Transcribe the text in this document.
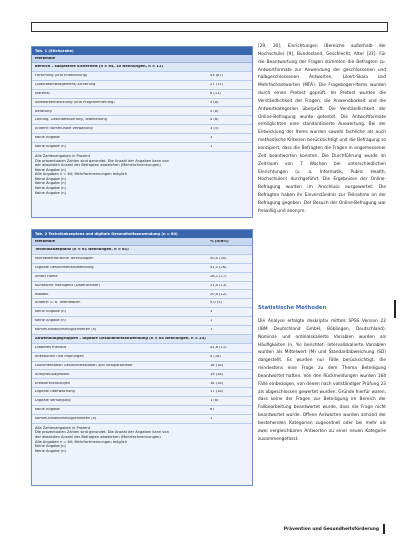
Tab. 1 (Stichprobe)
Merkmale
Bereich – subjektive Sicherheit (n = 64, 10 Nennungen, n = 11)
Forschung (und Entwicklung)	43 (67)
Qualitätsmanagement/-sicherung	27 (11)
Material	8 (13)
Softwareentwicklung (und Programmierung)	5 (8)
Beratung	5 (8)
Leitung, Geschäftsführung, Teamleitung	4 (6)
Andere: kommunale Verwaltung	3 (5)
Keine Angabe	3
Keine Angabe (n)	1
Alle Zahlenangaben in Prozent
Die prozentualen Zahlen sind gerundet. Die Anzahl der Angaben kann von
der absoluten Anzahl der Befragten abweichen (Mehrfachnennungen)
Keine Angabe (n)
Alle Angaben n = 64; Mehrfachnennungen möglich
Keine Angabe (n)
Keine Angabe (n)
Keine Angabe (n)
Keine Angabe (n)
Tab. 2 Technikakzeptanz und digitale Gesundheitsanwendung (n = 64)
Merkmale	% (n/N%)
Technikakzeptanz (n = 61 Nennungen, n = 61)
Mikroelektronische Technologien	50,0 (30)
Digitale Gesundheitsanwendung	41,1 (26)
Smart Home	28,1 (17)
Künstliche Intelligenz (Datentrainer)	21,0 (13)
Robotik	20,0 (12)
Andere: u. a. Telemedizin	9,0 (5)
Keine Angabe (n)	3
Keine Angabe (n)	1
Kommunikationsmöglichkeiten (n)	1
Anwendungsgruppen – digitale Gesundheitsanwendung (n = 64 Nennungen, n = 23)
Diabetes mellitus	42,6 (11)
Infektionen und Impfungen	4 (18)
Dokumentation Gesundheitsdaten und Vitalparameter	16 (18)
Analyse/Diagnostik	19 (18)
Krebserkrankungen	16 (18)
Digitale Überwachung	17 (18)
Digitale Versorgung	1 (8)
Keine Angabe	67
Kommunikationsmöglichkeiten (n)	1
Alle Zahlenangaben in Prozent
Die prozentualen Zahlen sind gerundet. Die Anzahl der Angaben kann von
der absoluten Anzahl der Befragten abweichen (Mehrfachnennungen)
Alle Angaben n = 64; Mehrfachnennungen möglich
Keine Angabe (n)
Keine Angabe (n)

[29, 30], Einrichtungen (Bereiche außerhalb der Hochschule) [9], Bundesland, Geschlecht, Alter [31]. Für die Beantwortung der Fragen stimmten die Befragten zu. Antwortformate zur Anwendung der geschlossenen und halbgeschlossenen Antworten, Likert-Skala und Mehrfachantworten (MFA). Die Fragebogen-Items wurden durch einen Pretest geprüft. Im Pretest wurden die Verständlichkeit der Fragen, die Anwendbarkeit und die Antwortkategorien überprüft. Die Verständlichkeit der Online-Befragung wurde getestet. Die Antwortformate ermöglichten eine standardisierte Auswertung. Bei der Entwicklung der Items wurden sowohl fachliche als auch methodische Kriterien berücksichtigt und die Befragung so konzipiert, dass die Befragten die Fragen in angemessener Zeit beantworten konnten. Die Durchführung wurde im Zeitraum von 7 Wochen bei unterschiedlichen Einrichtungen (u. a. Informatik, Public Health, Hochschulen) durchgeführt. Die Ergebnisse der Online-Befragung wurden im Anschluss ausgewertet. Die Befragten haben ihr Einverständnis zur Teilnahme an der Befragung gegeben. Der Besuch der Online-Befragung war freiwillig und anonym.

Statistische Methoden

Die Analyse erfolgte deskriptiv mittels SPSS Version 22 (IBM Deutschland GmbH, Böblingen, Deutschland). Nominal- und ordinalskalierte Variablen wurden als Häufigkeiten (n, %) berichtet. Intervallskalierte Variablen wurden als Mittelwert (M) und Standardabweichung (SD) dargestellt. Es wurden nur Fälle berücksichtigt, die mindestens eine Frage zu dem Thema Beteiligung beantwortet hatten. Von den Rückmeldungen wurden 164 Fälle einbezogen, von denen nach vollständiger Prüfung 23 als abgeschlossen gewertet wurden. Gründe hierfür waren, dass keine der Fragen zur Beteiligung im Bereich der Fallbearbeitung beantwortet wurde, dass die Frage nicht beantwortet wurde. Offene Antworten wurden anhand der bestehenden Kategorien zugeordnet oder bei mehr als zwei vergleichbaren Antworten zu einer neuen Kategorie zusammengefasst.

Prävention und Gesundheitsförderung
